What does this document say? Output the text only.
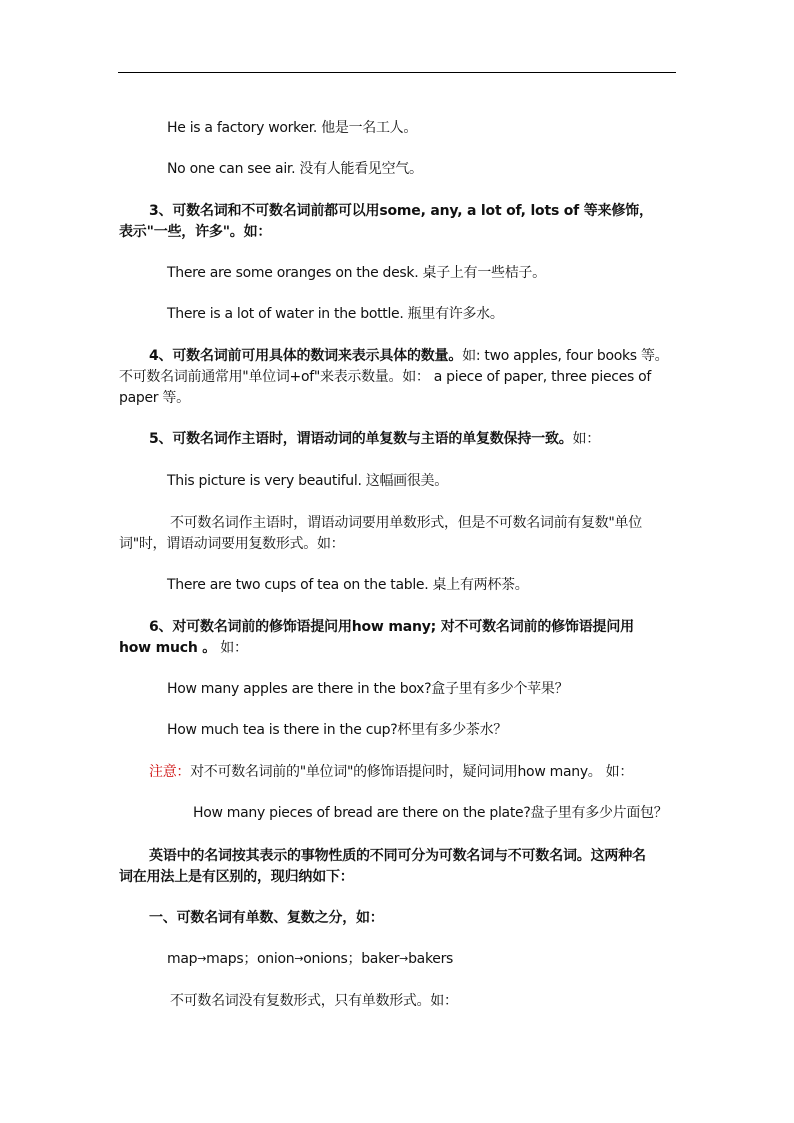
He is a factory worker. 他是一名工人。
No one can see air. 没有人能看见空气。
3、可数名词和不可数名词前都可以用some, any, a lot of, lots of 等来修饰，
表示"一些，许多"。如：
There are some oranges on the desk. 桌子上有一些桔子。
There is a lot of water in the bottle. 瓶里有许多水。
4、可数名词前可用具体的数词来表示具体的数量。如: two apples, four books 等。
不可数名词前通常用"单位词+of"来表示数量。如： a piece of paper, three pieces of
paper 等。
5、可数名词作主语时，谓语动词的单复数与主语的单复数保持一致。如：
This picture is very beautiful. 这幅画很美。
不可数名词作主语时，谓语动词要用单数形式，但是不可数名词前有复数"单位
词"时，谓语动词要用复数形式。如：
There are two cups of tea on the table. 桌上有两杯茶。
6、对可数名词前的修饰语提问用how many; 对不可数名词前的修饰语提问用
how much 。 如：
How many apples are there in the box?盒子里有多少个苹果？
How much tea is there in the cup?杯里有多少茶水？
注意：对不可数名词前的"单位词"的修饰语提问时，疑问词用how many。 如：
How many pieces of bread are there on the plate?盘子里有多少片面包？
英语中的名词按其表示的事物性质的不同可分为可数名词与不可数名词。这两种名
词在用法上是有区别的，现归纳如下：
一、可数名词有单数、复数之分，如：
map→maps；onion→onions；baker→bakers
不可数名词没有复数形式，只有单数形式。如：
